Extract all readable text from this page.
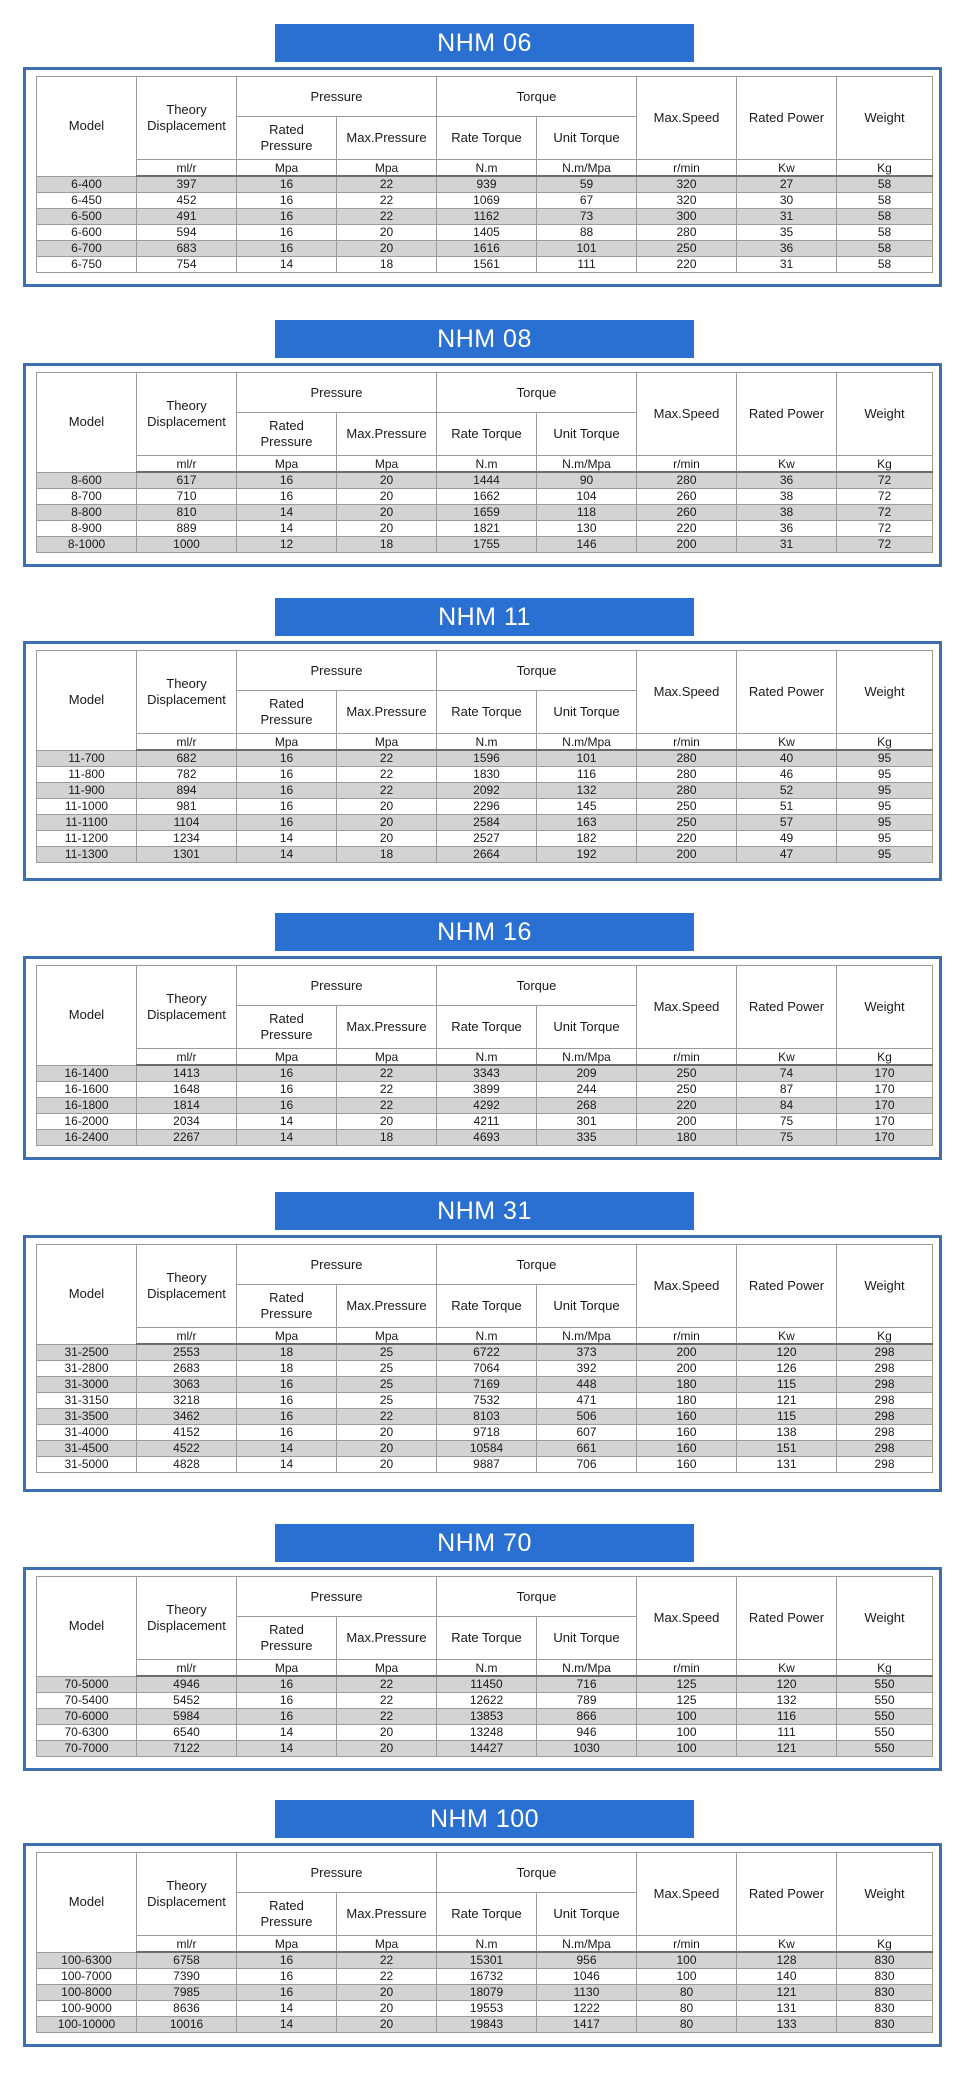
NHM 06
Model	Theory Displacement	Pressure		Torque		Max.Speed	Rated Power	Weight
		Rated Pressure	Max.Pressure	Rate Torque	Unit Torque			
	ml/r	Mpa	Mpa	N.m	N.m/Mpa	r/min	Kw	Kg
6-400	397	16	22	939	59	320	27	58
6-450	452	16	22	1069	67	320	30	58
6-500	491	16	22	1162	73	300	31	58
6-600	594	16	20	1405	88	280	35	58
6-700	683	16	20	1616	101	250	36	58
6-750	754	14	18	1561	111	220	31	58
NHM 08
Model	Theory Displacement	Pressure		Torque		Max.Speed	Rated Power	Weight
		Rated Pressure	Max.Pressure	Rate Torque	Unit Torque			
	ml/r	Mpa	Mpa	N.m	N.m/Mpa	r/min	Kw	Kg
8-600	617	16	20	1444	90	280	36	72
8-700	710	16	20	1662	104	260	38	72
8-800	810	14	20	1659	118	260	38	72
8-900	889	14	20	1821	130	220	36	72
8-1000	1000	12	18	1755	146	200	31	72
NHM 11
Model	Theory Displacement	Pressure		Torque		Max.Speed	Rated Power	Weight
		Rated Pressure	Max.Pressure	Rate Torque	Unit Torque			
	ml/r	Mpa	Mpa	N.m	N.m/Mpa	r/min	Kw	Kg
11-700	682	16	22	1596	101	280	40	95
11-800	782	16	22	1830	116	280	46	95
11-900	894	16	22	2092	132	280	52	95
11-1000	981	16	20	2296	145	250	51	95
11-1100	1104	16	20	2584	163	250	57	95
11-1200	1234	14	20	2527	182	220	49	95
11-1300	1301	14	18	2664	192	200	47	95
NHM 16
Model	Theory Displacement	Pressure		Torque		Max.Speed	Rated Power	Weight
		Rated Pressure	Max.Pressure	Rate Torque	Unit Torque			
	ml/r	Mpa	Mpa	N.m	N.m/Mpa	r/min	Kw	Kg
16-1400	1413	16	22	3343	209	250	74	170
16-1600	1648	16	22	3899	244	250	87	170
16-1800	1814	16	22	4292	268	220	84	170
16-2000	2034	14	20	4211	301	200	75	170
16-2400	2267	14	18	4693	335	180	75	170
NHM 31
Model	Theory Displacement	Pressure		Torque		Max.Speed	Rated Power	Weight
		Rated Pressure	Max.Pressure	Rate Torque	Unit Torque			
	ml/r	Mpa	Mpa	N.m	N.m/Mpa	r/min	Kw	Kg
31-2500	2553	18	25	6722	373	200	120	298
31-2800	2683	18	25	7064	392	200	126	298
31-3000	3063	16	25	7169	448	180	115	298
31-3150	3218	16	25	7532	471	180	121	298
31-3500	3462	16	22	8103	506	160	115	298
31-4000	4152	16	20	9718	607	160	138	298
31-4500	4522	14	20	10584	661	160	151	298
31-5000	4828	14	20	9887	706	160	131	298
NHM 70
Model	Theory Displacement	Pressure		Torque		Max.Speed	Rated Power	Weight
		Rated Pressure	Max.Pressure	Rate Torque	Unit Torque			
	ml/r	Mpa	Mpa	N.m	N.m/Mpa	r/min	Kw	Kg
70-5000	4946	16	22	11450	716	125	120	550
70-5400	5452	16	22	12622	789	125	132	550
70-6000	5984	16	22	13853	866	100	116	550
70-6300	6540	14	20	13248	946	100	111	550
70-7000	7122	14	20	14427	1030	100	121	550
NHM 100
Model	Theory Displacement	Pressure		Torque		Max.Speed	Rated Power	Weight
		Rated Pressure	Max.Pressure	Rate Torque	Unit Torque			
	ml/r	Mpa	Mpa	N.m	N.m/Mpa	r/min	Kw	Kg
100-6300	6758	16	22	15301	956	100	128	830
100-7000	7390	16	22	16732	1046	100	140	830
100-8000	7985	16	20	18079	1130	80	121	830
100-9000	8636	14	20	19553	1222	80	131	830
100-10000	10016	14	20	19843	1417	80	133	830
